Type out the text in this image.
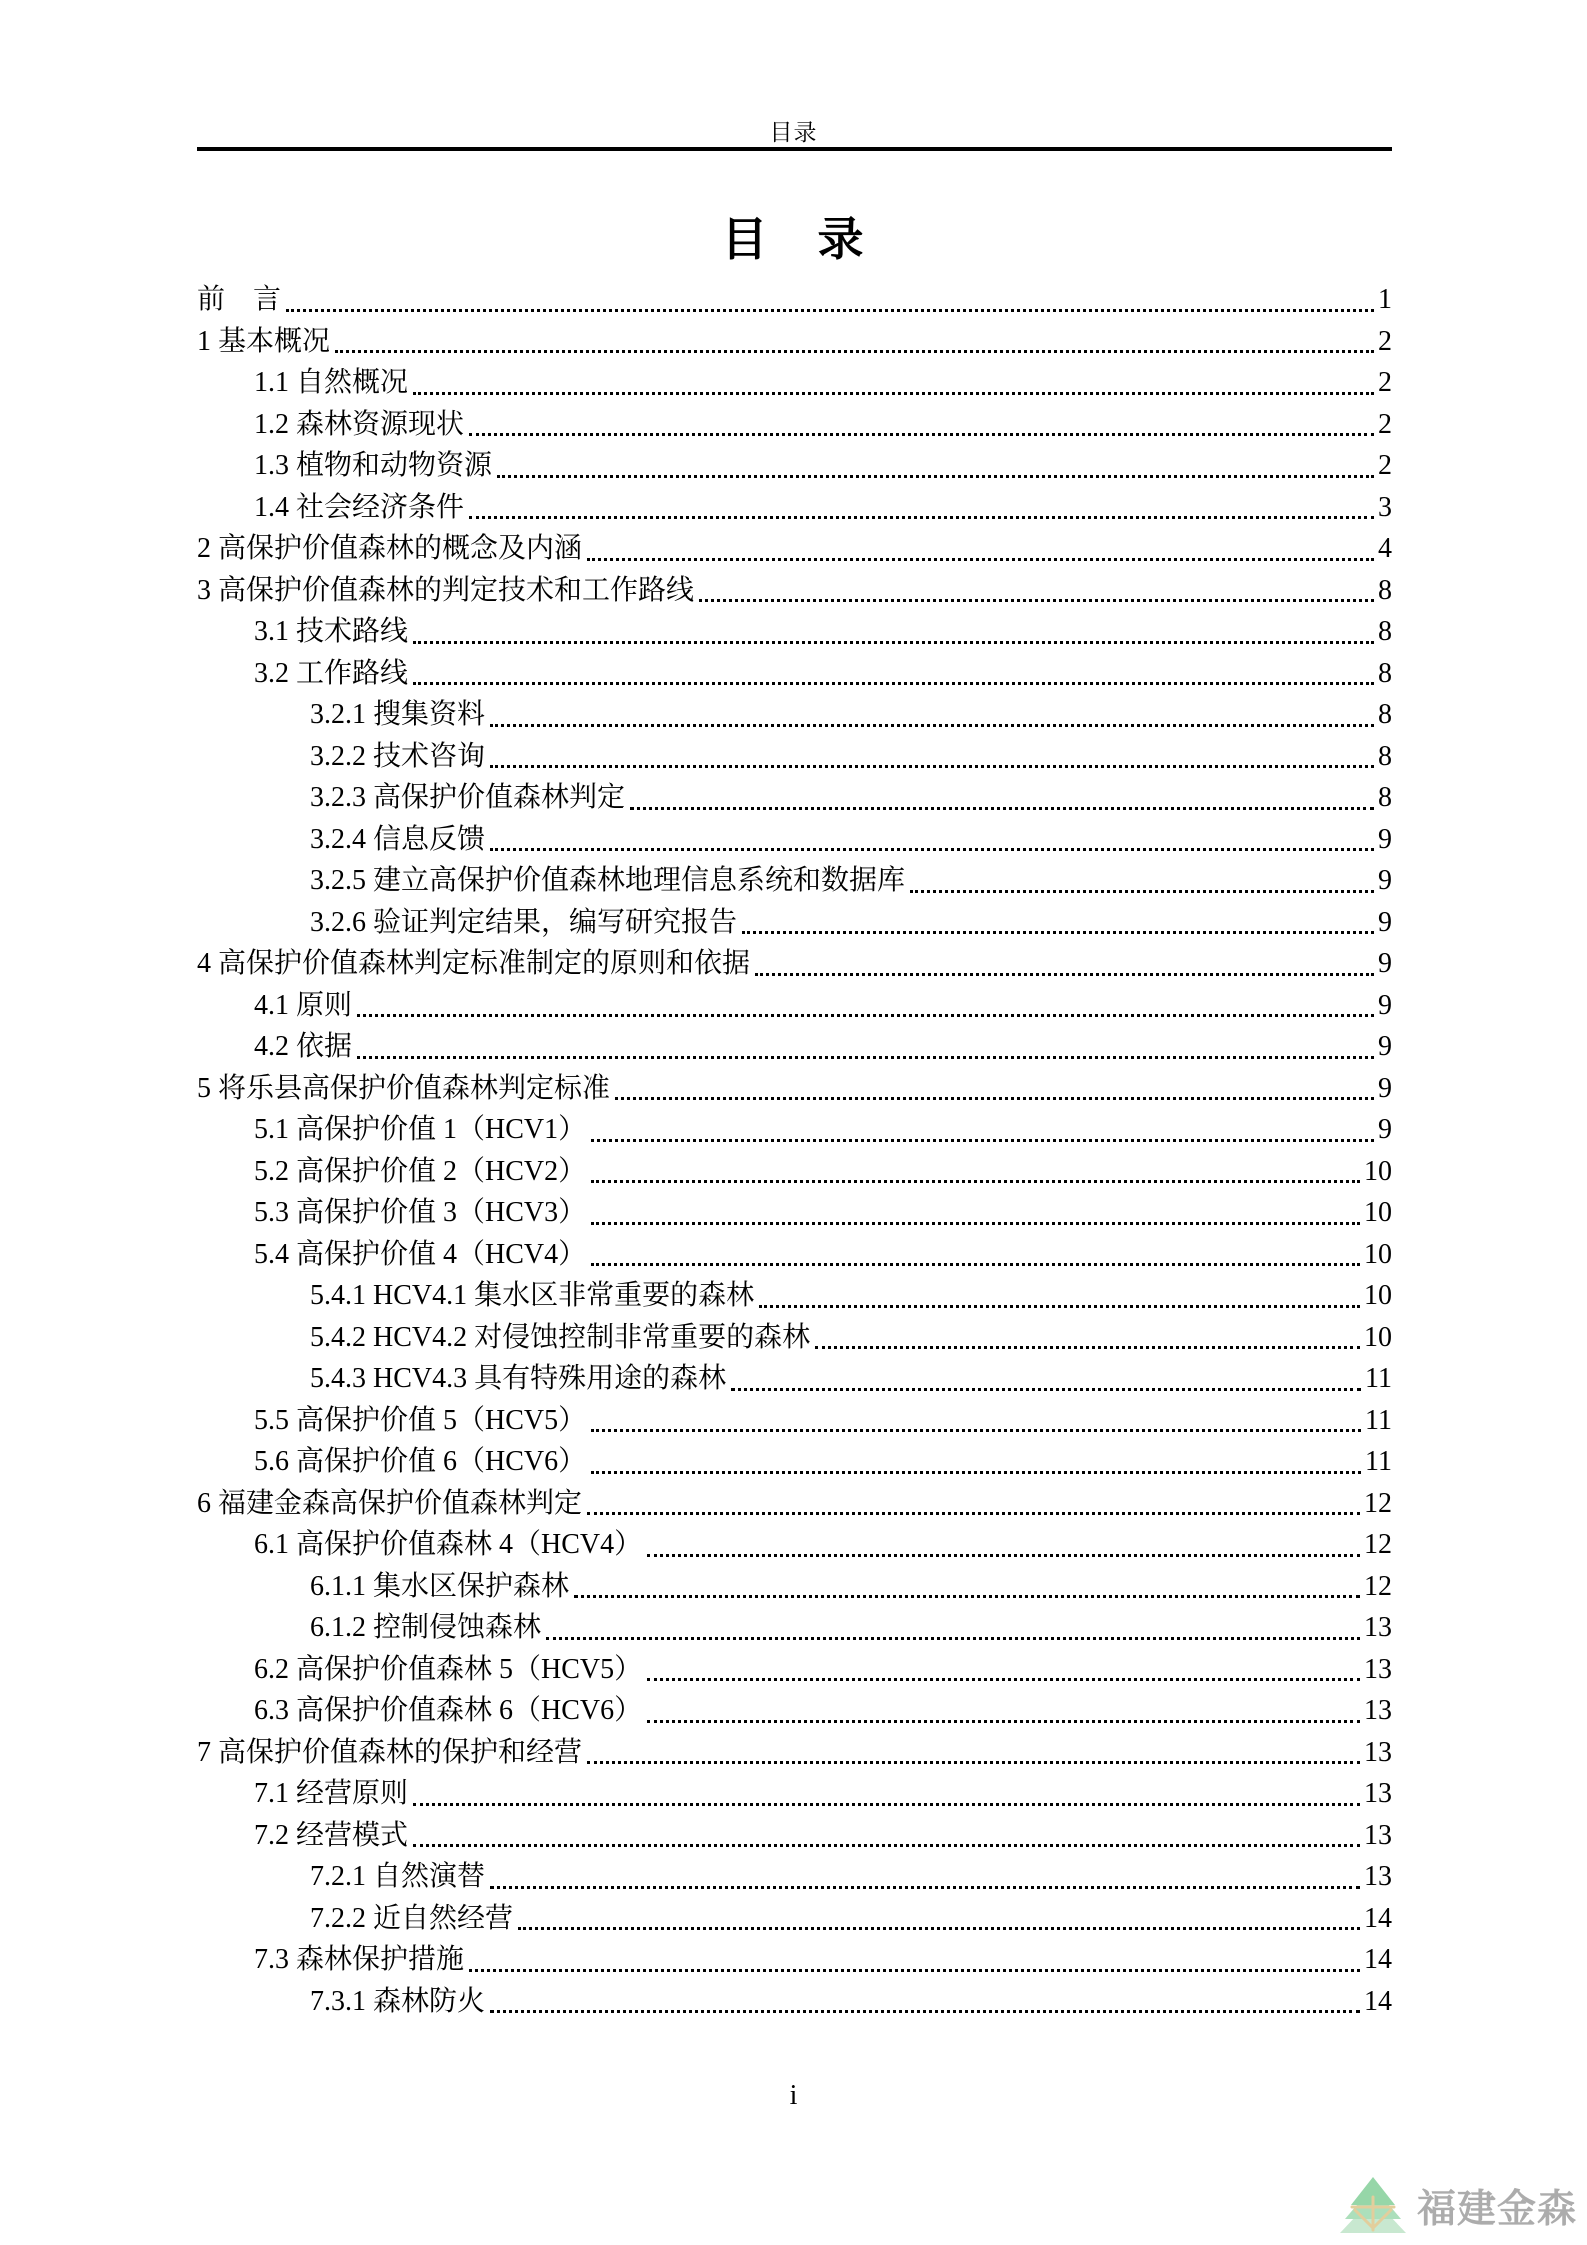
目录
目　录
前　言	1
1 基本概况	2
1.1 自然概况	2
1.2 森林资源现状	2
1.3 植物和动物资源	2
1.4 社会经济条件	3
2 高保护价值森林的概念及内涵	4
3 高保护价值森林的判定技术和工作路线	8
3.1 技术路线	8
3.2 工作路线	8
3.2.1 搜集资料	8
3.2.2 技术咨询	8
3.2.3 高保护价值森林判定	8
3.2.4 信息反馈	9
3.2.5 建立高保护价值森林地理信息系统和数据库	9
3.2.6 验证判定结果，编写研究报告	9
4 高保护价值森林判定标准制定的原则和依据	9
4.1 原则	9
4.2 依据	9
5 将乐县高保护价值森林判定标准	9
5.1 高保护价值 1（HCV1）	9
5.2 高保护价值 2（HCV2）	10
5.3 高保护价值 3（HCV3）	10
5.4 高保护价值 4（HCV4）	10
5.4.1 HCV4.1 集水区非常重要的森林	10
5.4.2 HCV4.2 对侵蚀控制非常重要的森林	10
5.4.3 HCV4.3 具有特殊用途的森林	11
5.5 高保护价值 5（HCV5）	11
5.6 高保护价值 6（HCV6）	11
6 福建金森高保护价值森林判定	12
6.1 高保护价值森林 4（HCV4）	12
6.1.1 集水区保护森林	12
6.1.2 控制侵蚀森林	13
6.2 高保护价值森林 5（HCV5）	13
6.3 高保护价值森林 6（HCV6）	13
7 高保护价值森林的保护和经营	13
7.1 经营原则	13
7.2 经营模式	13
7.2.1 自然演替	13
7.2.2 近自然经营	14
7.3 森林保护措施	14
7.3.1 森林防火	14
i
福建金森
